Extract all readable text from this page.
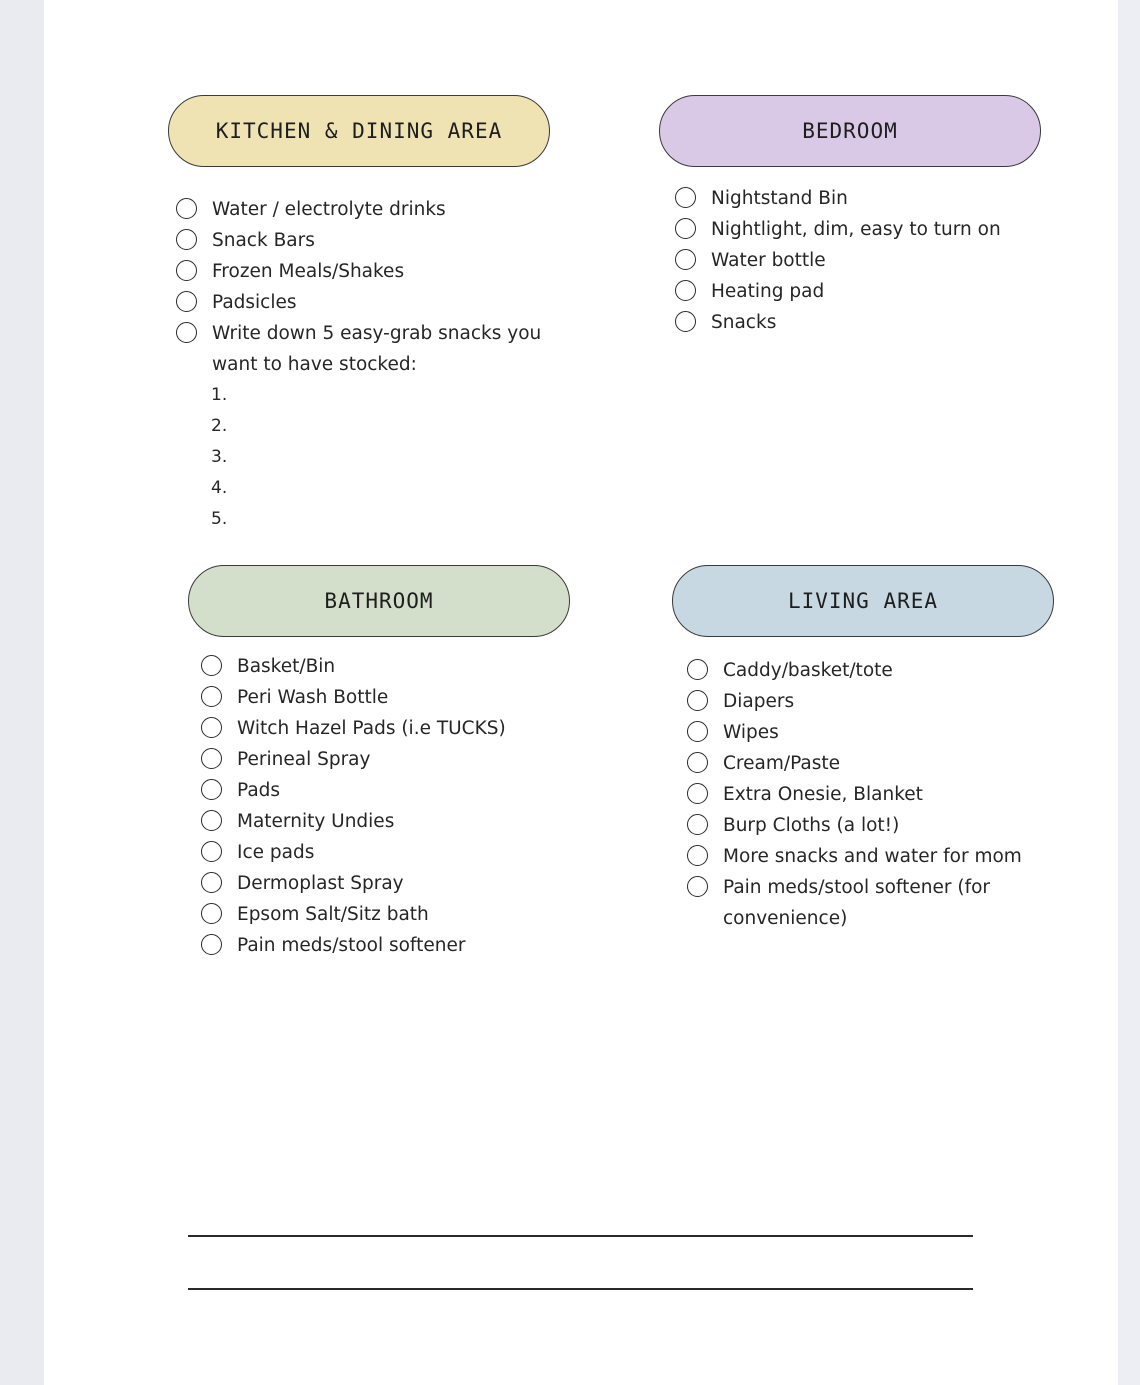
KITCHEN & DINING AREA
Water / electrolyte drinks
Snack Bars
Frozen Meals/Shakes
Padsicles
Write down 5 easy-grab snacks you want to have stocked:
1.
2.
3.
4.
5.
BEDROOM
Nightstand Bin
Nightlight, dim, easy to turn on
Water bottle
Heating pad
Snacks
BATHROOM
Basket/Bin
Peri Wash Bottle
Witch Hazel Pads (i.e TUCKS)
Perineal Spray
Pads
Maternity Undies
Ice pads
Dermoplast Spray
Epsom Salt/Sitz bath
Pain meds/stool softener
LIVING AREA
Caddy/basket/tote
Diapers
Wipes
Cream/Paste
Extra Onesie, Blanket
Burp Cloths (a lot!)
More snacks and water for mom
Pain meds/stool softener (for convenience)
